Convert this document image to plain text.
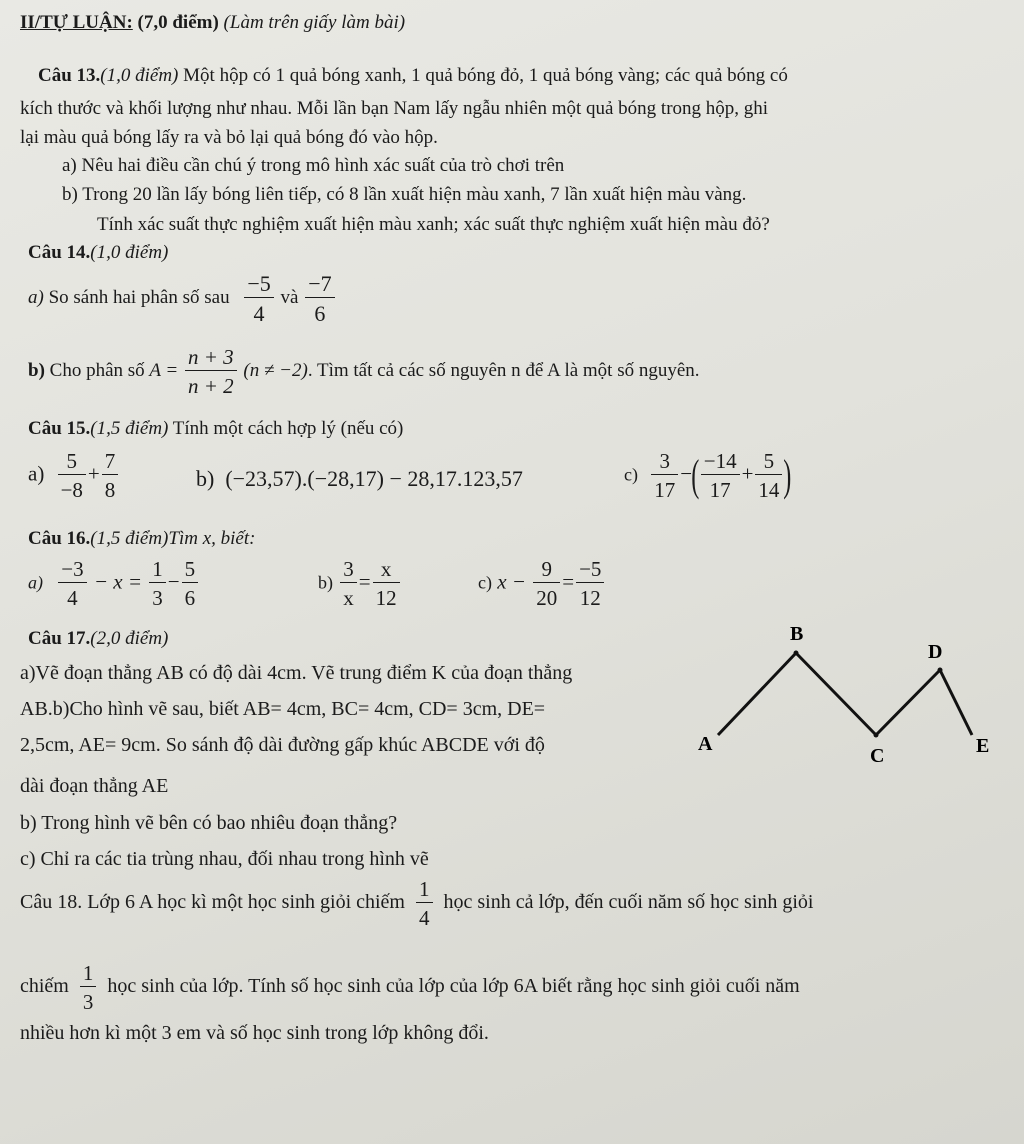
II/TỰ LUẬN: (7,0 điểm) (Làm trên giấy làm bài)
Câu 13.(1,0 điểm) Một hộp có 1 quả bóng xanh, 1 quả bóng đỏ, 1 quả bóng vàng; các quả bóng có
kích thước và khối lượng như nhau. Mỗi lần bạn Nam lấy ngẫu nhiên một quả bóng trong hộp, ghi
lại màu quả bóng lấy ra và bỏ lại quả bóng đó vào hộp.
a) Nêu hai điều cần chú ý trong mô hình xác suất của trò chơi trên
b) Trong 20 lần lấy bóng liên tiếp, có 8 lần xuất hiện màu xanh, 7 lần xuất hiện màu vàng.
Tính xác suất thực nghiệm xuất hiện màu xanh; xác suất thực nghiệm xuất hiện màu đỏ?
Câu 14.(1,0 điểm)
a) So sánh hai phân số sau $\frac{-5}{4}$ và $\frac{-7}{6}$
b) Cho phân số $A = \frac{n + 3}{n + 2} (n \ne -2)$. Tìm tất cả các số nguyên n để A là một số nguyên.
Câu 15.(1,5 điểm) Tính một cách hợp lý (nếu có)
$a) \frac{5}{-8} + \frac{7}{8}$	b) (−23,57).(−28,17) − 28,17.123,57	$c) \frac{3}{17}$ −( $\frac{-14}{17} + \frac{5}{14}$ )
Câu 16.(1,5 điểm)Tìm x, biết:
$a) \frac{-3}{4} - x = \frac{1}{3} - \frac{5}{6}$	$b) \frac{3}{x} = \frac{x}{12}$	c) $x - \frac{9}{20} = \frac{-5}{12}$
Câu 17.(2,0 điểm)
a)Vẽ đoạn thẳng AB có độ dài 4cm. Vẽ trung điểm K của đoạn thẳng
AB.b)Cho hình vẽ sau, biết AB= 4cm, BC= 4cm, CD= 3cm, DE=
2,5cm, AE= 9cm. So sánh độ dài đường gấp khúc ABCDE với độ
dài đoạn thẳng AE
b) Trong hình vẽ bên có bao nhiêu đoạn thẳng?
c) Chỉ ra các tia trùng nhau, đối nhau trong hình vẽ
A
B
C
D
E
Câu 18. Lớp 6 A học kì một học sinh giỏi chiếm $\frac{1}{4}$ học sinh cả lớp, đến cuối năm số học sinh giỏi
chiếm $\frac{1}{3}$ học sinh của lớp. Tính số học sinh của lớp của lớp 6A biết rằng học sinh giỏi cuối năm
nhiều hơn kì một 3 em và số học sinh trong lớp không đổi.
